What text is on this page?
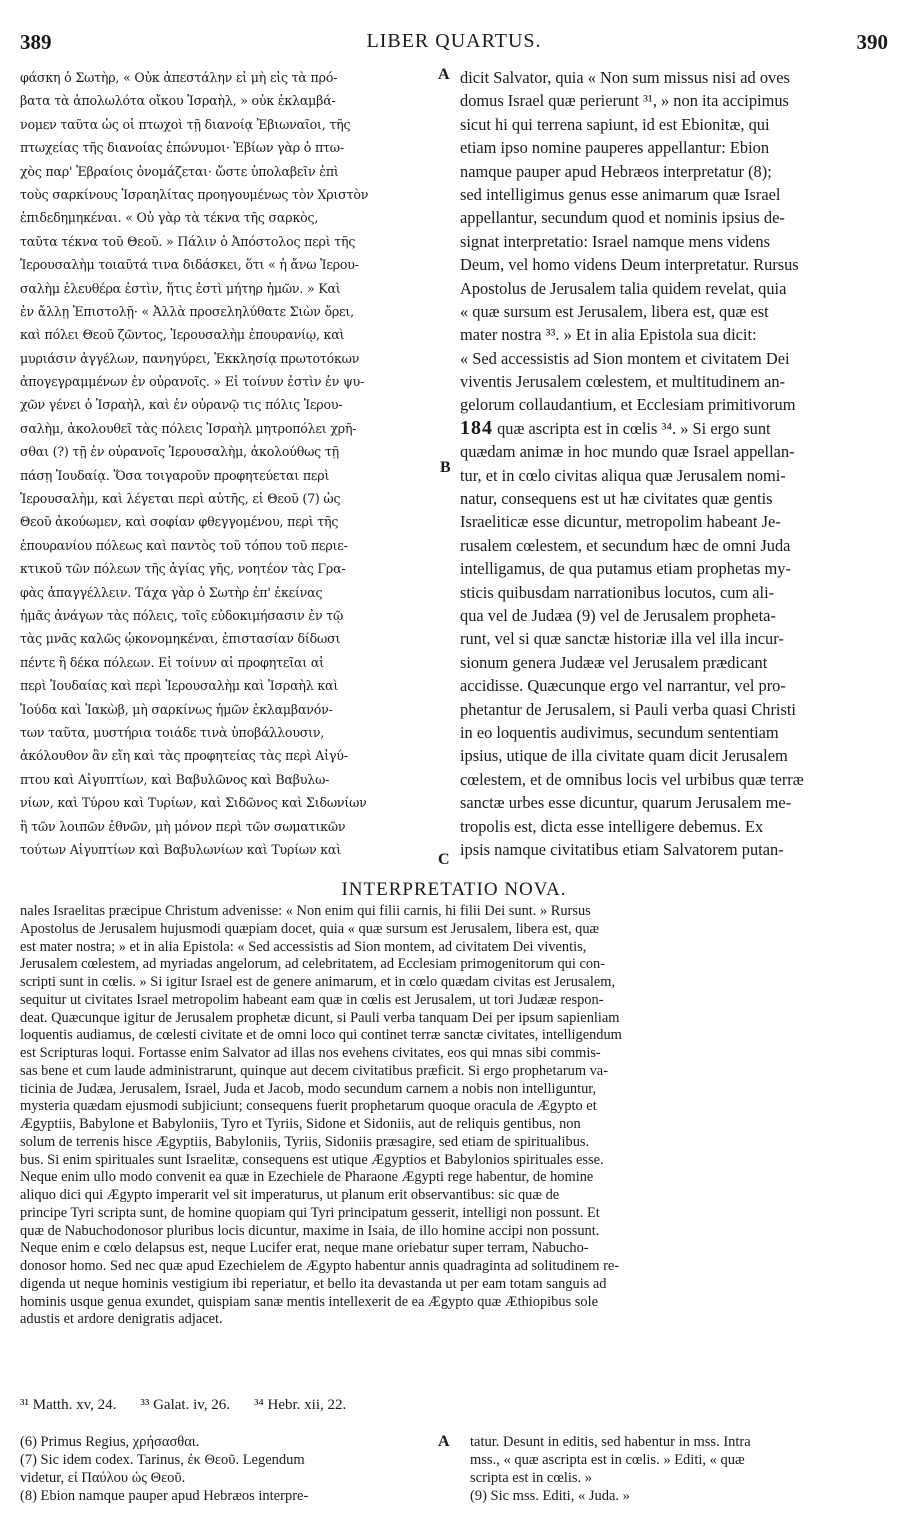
389	LIBER QUARTUS.	390
φάσκη ὁ Σωτὴρ, « Οὐκ ἀπεστάλην εἰ μὴ εἰς τὰ πρό-
βατα τὰ ἀπολωλότα οἴκου Ἰσραὴλ, » οὐκ ἐκλαμβά-
νομεν ταῦτα ὡς οἱ πτωχοὶ τῇ διανοίᾳ Ἐβιωναῖοι, τῆς
πτωχείας τῆς διανοίας ἐπώνυμοι· Ἐβίων γὰρ ὁ πτω-
χὸς παρ' Ἑβραίοις ὀνομάζεται· ὥστε ὑπολαβεῖν ἐπὶ
τοὺς σαρκίνους Ἰσραηλίτας προηγουμένως τὸν Χριστὸν
ἐπιδεδημηκέναι. « Οὐ γὰρ τὰ τέκνα τῆς σαρκὸς,
ταῦτα τέκνα τοῦ Θεοῦ. » Πάλιν ὁ Ἀπόστολος περὶ τῆς
Ἱερουσαλὴμ τοιαῦτά τινα διδάσκει, ὅτι « ἡ ἄνω Ἱερου-
σαλὴμ ἐλευθέρα ἐστὶν, ἥτις ἐστὶ μήτηρ ἡμῶν. » Καὶ
ἐν ἄλλῃ Ἐπιστολῇ· « Ἀλλὰ προσεληλύθατε Σιὼν ὄρει,
καὶ πόλει Θεοῦ ζῶντος, Ἱερουσαλὴμ ἐπουρανίῳ, καὶ
μυριάσιν ἀγγέλων, πανηγύρει, Ἐκκλησίᾳ πρωτοτόκων
ἀπογεγραμμένων ἐν οὐρανοῖς. » Εἰ τοίνυν ἐστὶν ἐν ψυ-
χῶν γένει ὁ Ἰσραὴλ, καὶ ἐν οὐρανῷ τις πόλις Ἱερου-
σαλὴμ, ἀκολουθεῖ τὰς πόλεις Ἰσραὴλ μητροπόλει χρῆ-
σθαι (?) τῇ ἐν οὐρανοῖς Ἱερουσαλὴμ, ἀκολούθως τῇ
πάσῃ Ἰουδαίᾳ. Ὅσα τοιγαροῦν προφητεύεται περὶ
Ἱερουσαλὴμ, καὶ λέγεται περὶ αὐτῆς, εἰ Θεοῦ (7) ὡς
Θεοῦ ἀκούωμεν, καὶ σοφίαν φθεγγομένου, περὶ τῆς
ἐπουρανίου πόλεως καὶ παντὸς τοῦ τόπου τοῦ περιε-
κτικοῦ τῶν πόλεων τῆς ἁγίας γῆς, νοητέον τὰς Γρα-
φὰς ἀπαγγέλλειν. Τάχα γὰρ ὁ Σωτὴρ ἐπ' ἐκείνας
ἡμᾶς ἀνάγων τὰς πόλεις, τοῖς εὐδοκιμήσασιν ἐν τῷ
τὰς μνᾶς καλῶς ᾠκονομηκέναι, ἐπιστασίαν δίδωσι
πέντε ἢ δέκα πόλεων. Εἰ τοίνυν αἱ προφητεῖαι αἱ
περὶ Ἰουδαίας καὶ περὶ Ἱερουσαλὴμ καὶ Ἰσραὴλ καὶ
Ἰούδα καὶ Ἰακὼβ, μὴ σαρκίνως ἡμῶν ἐκλαμβανόν-
των ταῦτα, μυστήρια τοιάδε τινὰ ὑποβάλλουσιν,
ἀκόλουθον ἂν εἴη καὶ τὰς προφητείας τὰς περὶ Αἰγύ-
πτου καὶ Αἰγυπτίων, καὶ Βαβυλῶνος καὶ Βαβυλω-
νίων, καὶ Τύρου καὶ Τυρίων, καὶ Σιδῶνος καὶ Σιδωνίων
ἢ τῶν λοιπῶν ἐθνῶν, μὴ μόνον περὶ τῶν σωματικῶν
τούτων Αἰγυπτίων καὶ Βαβυλωνίων καὶ Τυρίων καὶ
A
B
C
dicit Salvator, quia « Non sum missus nisi ad oves
domus Israel quæ perierunt ³¹, » non ita accipimus
sicut hi qui terrena sapiunt, id est Ebionitæ, qui
etiam ipso nomine pauperes appellantur: Ebion
namque pauper apud Hebræos interpretatur (8);
sed intelligimus genus esse animarum quæ Israel
appellantur, secundum quod et nominis ipsius de-
signat interpretatio: Israel namque mens videns
Deum, vel homo videns Deum interpretatur. Rursus
Apostolus de Jerusalem talia quidem revelat, quia
« quæ sursum est Jerusalem, libera est, quæ est
mater nostra ³³. » Et in alia Epistola sua dicit:
« Sed accessistis ad Sion montem et civitatem Dei
viventis Jerusalem cœlestem, et multitudinem an-
gelorum collaudantium, et Ecclesiam primitivorum
184 quæ ascripta est in cœlis ³⁴. » Si ergo sunt
quædam animæ in hoc mundo quæ Israel appellan-
tur, et in cœlo civitas aliqua quæ Jerusalem nomi-
natur, consequens est ut hæ civitates quæ gentis
Israeliticæ esse dicuntur, metropolim habeant Je-
rusalem cœlestem, et secundum hæc de omni Juda
intelligamus, de qua putamus etiam prophetas my-
sticis quibusdam narrationibus locutos, cum ali-
qua vel de Judæa (9) vel de Jerusalem propheta-
runt, vel si quæ sanctæ historiæ illa vel illa incur-
sionum genera Judææ vel Jerusalem prædicant
accidisse. Quæcunque ergo vel narrantur, vel pro-
phetantur de Jerusalem, si Pauli verba quasi Christi
in eo loquentis audivimus, secundum sententiam
ipsius, utique de illa civitate quam dicit Jerusalem
cœlestem, et de omnibus locis vel urbibus quæ terræ
sanctæ urbes esse dicuntur, quarum Jerusalem me-
tropolis est, dicta esse intelligere debemus. Ex
ipsis namque civitatibus etiam Salvatorem putan-
INTERPRETATIO NOVA.
nales Israelitas præcipue Christum advenisse: « Non enim qui filii carnis, hi filii Dei sunt. » Rursus
Apostolus de Jerusalem hujusmodi quæpiam docet, quia « quæ sursum est Jerusalem, libera est, quæ
est mater nostra; » et in alia Epistola: « Sed accessistis ad Sion montem, ad civitatem Dei viventis,
Jerusalem cœlestem, ad myriadas angelorum, ad celebritatem, ad Ecclesiam primogenitorum qui con-
scripti sunt in cœlis. » Si igitur Israel est de genere animarum, et in cœlo quædam civitas est Jerusalem,
sequitur ut civitates Israel metropolim habeant eam quæ in cœlis est Jerusalem, ut tori Judææ respon-
deat. Quæcunque igitur de Jerusalem prophetæ dicunt, si Pauli verba tanquam Dei per ipsum sapienliam
loquentis audiamus, de cœlesti civitate et de omni loco qui continet terræ sanctæ civitates, intelligendum
est Scripturas loqui. Fortasse enim Salvator ad illas nos evehens civitates, eos qui mnas sibi commis-
sas bene et cum laude administrarunt, quinque aut decem civitatibus præficit. Si ergo prophetarum va-
ticinia de Judæa, Jerusalem, Israel, Juda et Jacob, modo secundum carnem a nobis non intelliguntur,
mysteria quædam ejusmodi subjiciunt; consequens fuerit prophetarum quoque oracula de Ægypto et
Ægyptiis, Babylone et Babyloniis, Tyro et Tyriis, Sidone et Sidoniis, aut de reliquis gentibus, non
solum de terrenis hisce Ægyptiis, Babyloniis, Tyriis, Sidoniis præsagire, sed etiam de spiritualibus.
bus. Si enim spirituales sunt Israelitæ, consequens est utique Ægyptios et Babylonios spirituales esse.
Neque enim ullo modo convenit ea quæ in Ezechiele de Pharaone Ægypti rege habentur, de homine
aliquo dici qui Ægypto imperarit vel sit imperaturus, ut planum erit observantibus: sic quæ de
principe Tyri scripta sunt, de homine quopiam qui Tyri principatum gesserit, intelligi non possunt. Et
quæ de Nabuchodonosor pluribus locis dicuntur, maxime in Isaia, de illo homine accipi non possunt.
Neque enim e cœlo delapsus est, neque Lucifer erat, neque mane oriebatur super terram, Nabucho-
donosor homo. Sed nec quæ apud Ezechielem de Ægypto habentur annis quadraginta ad solitudinem re-
digenda ut neque hominis vestigium ibi reperiatur, et bello ita devastanda ut per eam totam sanguis ad
hominis usque genua exundet, quispiam sanæ mentis intellexerit de ea Ægypto quæ Æthiopibus sole
adustis et ardore denigratis adjacet.
³¹ Matth. xv, 24. ³³ Galat. iv, 26. ³⁴ Hebr. xii, 22.
(6) Primus Regius, χρήσασθαι.
(7) Sic idem codex. Tarinus, ἐκ Θεοῦ. Legendum
videtur, εἰ Παύλου ὡς Θεοῦ.
(8) Ebion namque pauper apud Hebræos interpre-
A tatur. Desunt in editis, sed habentur in mss. Intra
mss., « quæ ascripta est in cœlis. » Editi, « quæ
scripta est in cœlis. »
(9) Sic mss. Editi, « Juda. »
